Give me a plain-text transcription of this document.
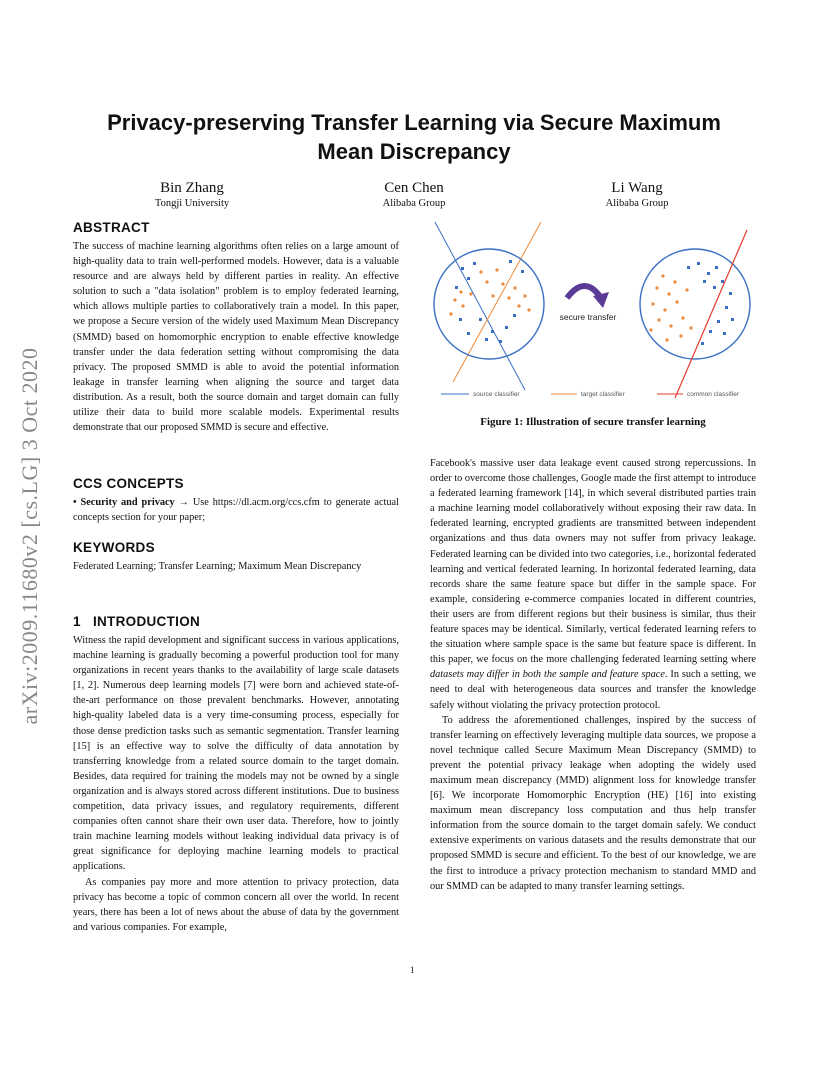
Privacy-preserving Transfer Learning via Secure Maximum
Mean Discrepancy
arXiv:2009.11680v2 [cs.LG] 3 Oct 2020
Bin Zhang
Tongji University
Cen Chen
Alibaba Group
Li Wang
Alibaba Group
ABSTRACT

The success of machine learning algorithms often relies on a large amount of high-quality data to train well-performed models. However, data is a valuable resource and are always held by different parties in reality. An effective solution to such a "data isolation" problem is to employ federated learning, which allows multiple parties to collaboratively train a model. In this paper, we propose a Secure version of the widely used Maximum Mean Discrepancy (SMMD) based on homomorphic encryption to enable effective knowledge transfer under the data federation setting without compromising the data privacy. The proposed SMMD is able to avoid the potential information leakage in transfer learning when aligning the source and target data distribution. As a result, both the source domain and target domain can fully utilize their data to build more scalable models. Experimental results demonstrate that our proposed SMMD is secure and effective.

CCS CONCEPTS

• Security and privacy → Use https://dl.acm.org/ccs.cfm to generate actual concepts section for your paper;

KEYWORDS

Federated Learning; Transfer Learning; Maximum Mean Discrepancy

1   INTRODUCTION

Witness the rapid development and significant success in various applications, machine learning is gradually becoming a powerful production tool for many organizations in recent years thanks to the availability of large scale datasets [1, 2]. Numerous deep learning models [7] were born and achieved state-of-the-art performance on those prevalent benchmarks. However, annotating high-quality labeled data is a very time-consuming process, especially for those dense prediction tasks such as semantic segmentation. Transfer learning [15] is an effective way to solve the difficulty of data annotation by transferring knowledge from a related source domain to the target domain. Besides, data required for training the models may not be owned by a single organization and is always stored across different institutions. Due to business competition, data privacy issues, and regulatory requirements, different companies often cannot share their own user data. Therefore, how to jointly train machine learning models without leaking individual data privacy is of great significance for deploying machine learning models to practical applications.

As companies pay more and more attention to privacy protection, data privacy has become a topic of common concern all over the world. In recent years, there has been a lot of news about the abuse of data by the government and various companies. For example,

secure transfer
source classifier	target classifier	common classifier
Figure 1: Illustration of secure transfer learning

Facebook's massive user data leakage event caused strong repercussions. In order to overcome those challenges, Google made the first attempt to introduce a federated learning framework [14], in which several distributed parties train a machine learning model collaboratively without exposing their raw data. In federated learning, encrypted gradients are transmitted between independent organizations and thus data owners may not suffer from privacy leakage. Federated learning can be divided into two categories, i.e., horizontal federated learning and vertical federated learning. In horizontal federated learning, data records share the same feature space but differ in the sample space. For example, considering e-commerce companies located in different countries, their users are from different regions but their business is similar, thus their feature spaces may be identical. Similarly, vertical federated learning refers to the situation where sample space is the same but feature space is different. In this paper, we focus on the more challenging federated learning setting where datasets may differ in both the sample and feature space. In such a setting, we need to deal with heterogeneous data sources and transfer the knowledge safely without violating the privacy protection protocol.

To address the aforementioned challenges, inspired by the success of transfer learning on effectively leveraging multiple data sources, we propose a novel technique called Secure Maximum Mean Discrepancy (SMMD) to prevent the potential privacy leakage when adopting the widely used maximum mean discrepancy (MMD) alignment loss for knowledge transfer [6]. We incorporate Homomorphic Encryption (HE) [16] into existing maximum mean discrepancy loss computation and thus help transfer information from the source domain to the target domain safely. We conduct extensive experiments on various datasets and the results demonstrate that our proposed SMMD is secure and efficient. To the best of our knowledge, we are the first to introduce a privacy protection mechanism to standard MMD and our SMMD can be adapted to many transfer learning settings.

1
